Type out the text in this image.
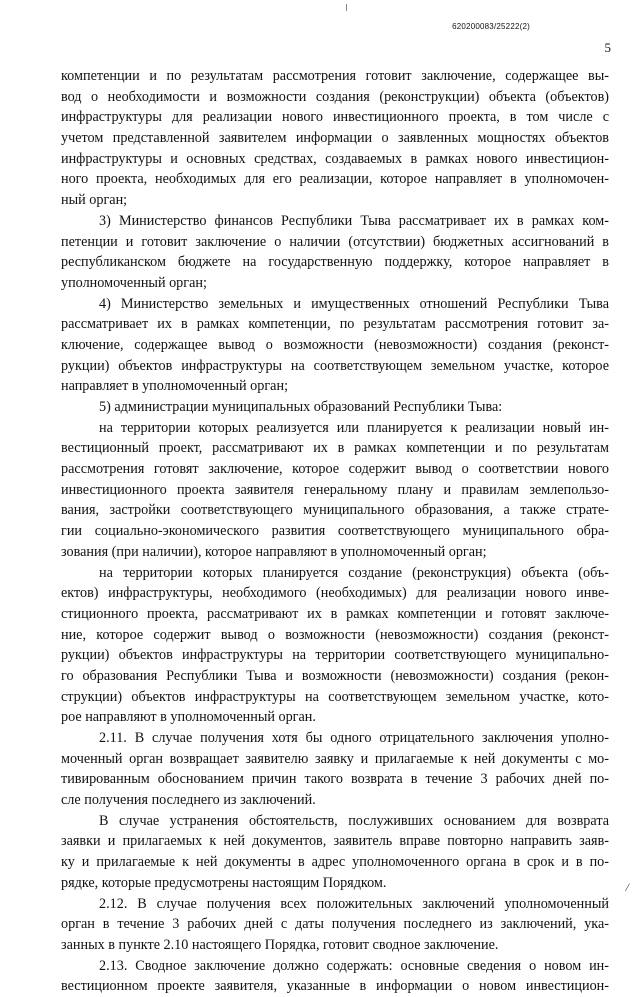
620200083/25222(2)
5
компетенции и по результатам рассмотрения готовит заключение, содержащее вы-
вод о необходимости и возможности создания (реконструкции) объекта (объектов)
инфраструктуры для реализации нового инвестиционного проекта, в том числе с
учетом представленной заявителем информации о заявленных мощностях объектов
инфраструктуры и основных средствах, создаваемых в рамках нового инвестицион-
ного проекта, необходимых для его реализации, которое направляет в уполномочен-
ный орган;
3) Министерство финансов Республики Тыва рассматривает их в рамках ком-
петенции и готовит заключение о наличии (отсутствии) бюджетных ассигнований в
республиканском бюджете на государственную поддержку, которое направляет в
уполномоченный орган;
4) Министерство земельных и имущественных отношений Республики Тыва
рассматривает их в рамках компетенции, по результатам рассмотрения готовит за-
ключение, содержащее вывод о возможности (невозможности) создания (реконст-
рукции) объектов инфраструктуры на соответствующем земельном участке, которое
направляет в уполномоченный орган;
5) администрации муниципальных образований Республики Тыва:
на территории которых реализуется или планируется к реализации новый ин-
вестиционный проект, рассматривают их в рамках компетенции и по результатам
рассмотрения готовят заключение, которое содержит вывод о соответствии нового
инвестиционного проекта заявителя генеральному плану и правилам землепользо-
вания, застройки соответствующего муниципального образования, а также страте-
гии социально-экономического развития соответствующего муниципального обра-
зования (при наличии), которое направляют в уполномоченный орган;
на территории которых планируется создание (реконструкция) объекта (объ-
ектов) инфраструктуры, необходимого (необходимых) для реализации нового инве-
стиционного проекта, рассматривают их в рамках компетенции и готовят заключе-
ние, которое содержит вывод о возможности (невозможности) создания (реконст-
рукции) объектов инфраструктуры на территории соответствующего муниципально-
го образования Республики Тыва и возможности (невозможности) создания (рекон-
струкции) объектов инфраструктуры на соответствующем земельном участке, кото-
рое направляют в уполномоченный орган.
2.11. В случае получения хотя бы одного отрицательного заключения уполно-
моченный орган возвращает заявителю заявку и прилагаемые к ней документы с мо-
тивированным обоснованием причин такого возврата в течение 3 рабочих дней по-
сле получения последнего из заключений.
В случае устранения обстоятельств, послуживших основанием для возврата
заявки и прилагаемых к ней документов, заявитель вправе повторно направить заяв-
ку и прилагаемые к ней документы в адрес уполномоченного органа в срок и в по-
рядке, которые предусмотрены настоящим Порядком.
2.12. В случае получения всех положительных заключений уполномоченный
орган в течение 3 рабочих дней с даты получения последнего из заключений, ука-
занных в пункте 2.10 настоящего Порядка, готовит сводное заключение.
2.13. Сводное заключение должно содержать: основные сведения о новом ин-
вестиционном проекте заявителя, указанные в информации о новом инвестицион-
/
